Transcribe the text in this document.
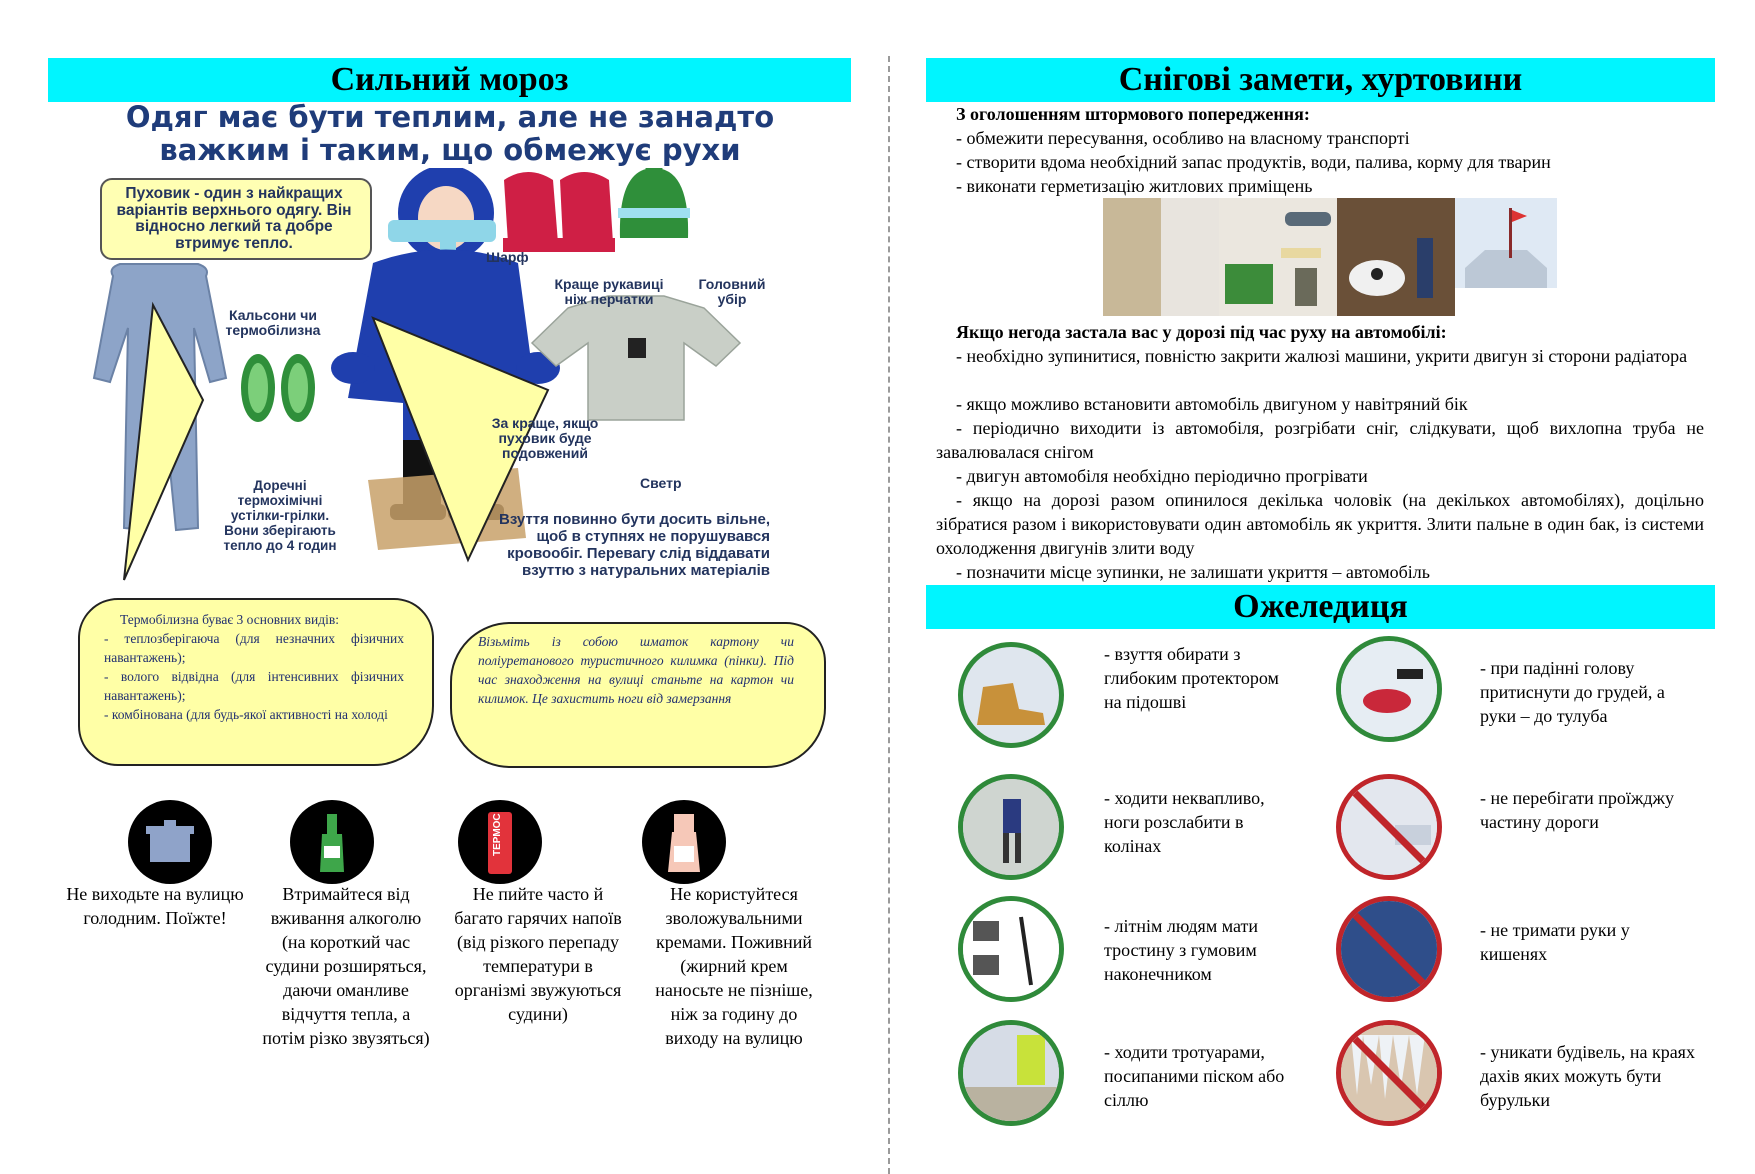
Сильний мороз
Одяг має бути теплим, але не занадто
важким і таким, що обмежує рухи
Пуховик - один з найкращих варіантів верхнього одягу. Він відносно легкий та добре втримує тепло.
Шарф
Краще рукавиці ніж перчатки
Головний убір
Кальсони чи термобілизна
За краще, якщо пуховик буде подовжений
Светр
Доречні термохімічні устілки-грілки. Вони зберігають тепло до 4 годин
Взуття повинно бути досить вільне, щоб в ступнях не порушувався кровообіг. Перевагу слід віддавати взуттю з натуральних матеріалів
Термобілизна буває 3 основних видів:
- теплозберігаюча (для незначних фізичних навантажень);
- волого відвідна (для інтенсивних фізичних навантажень);
- комбінована (для будь-якої активності на холоді
Візьміть із собою шматок картону чи поліуретанового туристичного килимка (пінки). Під час знаходження на вулиці станьте на картон чи килимок. Це захистить ноги від замерзання
ТЕРМОС
Не виходьте на вулицю голодним. Поїжте!
Втримайтеся від вживання алкоголю (на короткий час судини розширяться, даючи оманливе відчуття тепла, а потім різко звузяться)
Не пийте часто й багато гарячих напоїв (від різкого перепаду температури в організмі звужуються судини)
Не користуйтеся зволожувальними кремами. Поживний (жирний крем наносьте не пізніше, ніж за годину до виходу на вулицю
Снігові замети, хуртовини
З оголошенням штормового попередження:
- обмежити пересування, особливо на власному транспорті
- створити вдома необхідний запас продуктів, води, палива, корму для тварин
- виконати герметизацію житлових приміщень
Якщо негода застала вас у дорозі під час руху на автомобілі:
- необхідно зупинитися, повністю закрити жалюзі машини, укрити двигун зі сторони радіатора
- якщо можливо встановити автомобіль двигуном у навітряний бік
- періодично виходити із автомобіля, розгрібати сніг, слідкувати, щоб вихлопна труба не завалювалася снігом
- двигун автомобіля необхідно періодично прогрівати
- якщо на дорозі разом опинилося декілька чоловік (на декількох автомобілях), доцільно зібратися разом і використовувати один автомобіль як укриття. Злити пальне в один бак, із системи охолодження двигунів злити воду
- позначити місце зупинки, не залишати укриття – автомобіль
Ожеледиця
- взуття обирати з глибоким протектором на підошві
- при падінні голову притиснути до грудей, а руки – до тулуба
- ходити неквапливо, ноги розслабити в колінах
- не перебігати проїжджу частину дороги
- літнім людям мати тростину з гумовим наконечником
- не тримати руки у кишенях
- ходити тротуарами, посипаними піском або сіллю
- уникати будівель, на краях дахів яких можуть бути бурульки
